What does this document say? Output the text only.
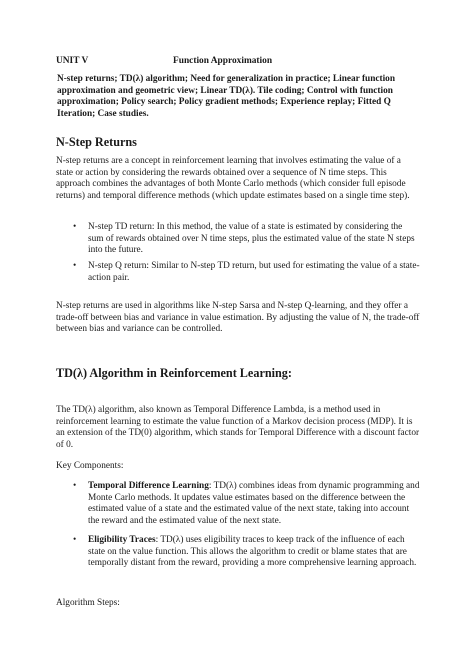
UNIT V	Function Approximation
N-step returns; TD(λ) algorithm; Need for generalization in practice; Linear function approximation and geometric view; Linear TD(λ). Tile coding; Control with function approximation; Policy search; Policy gradient methods; Experience replay; Fitted Q Iteration; Case studies.
N-Step Returns
N-step returns are a concept in reinforcement learning that involves estimating the value of a state or action by considering the rewards obtained over a sequence of N time steps. This approach combines the advantages of both Monte Carlo methods (which consider full episode returns) and temporal difference methods (which update estimates based on a single time step).
• N-step TD return: In this method, the value of a state is estimated by considering the sum of rewards obtained over N time steps, plus the estimated value of the state N steps into the future.
• N-step Q return: Similar to N-step TD return, but used for estimating the value of a state-action pair.
N-step returns are used in algorithms like N-step Sarsa and N-step Q-learning, and they offer a trade-off between bias and variance in value estimation. By adjusting the value of N, the trade-off between bias and variance can be controlled.
TD(λ) Algorithm in Reinforcement Learning:
The TD(λ) algorithm, also known as Temporal Difference Lambda, is a method used in reinforcement learning to estimate the value function of a Markov decision process (MDP). It is an extension of the TD(0) algorithm, which stands for Temporal Difference with a discount factor of 0.
Key Components:
• Temporal Difference Learning: TD(λ) combines ideas from dynamic programming and Monte Carlo methods. It updates value estimates based on the difference between the estimated value of a state and the estimated value of the next state, taking into account the reward and the estimated value of the next state.
• Eligibility Traces: TD(λ) uses eligibility traces to keep track of the influence of each state on the value function. This allows the algorithm to credit or blame states that are temporally distant from the reward, providing a more comprehensive learning approach.
Algorithm Steps:
